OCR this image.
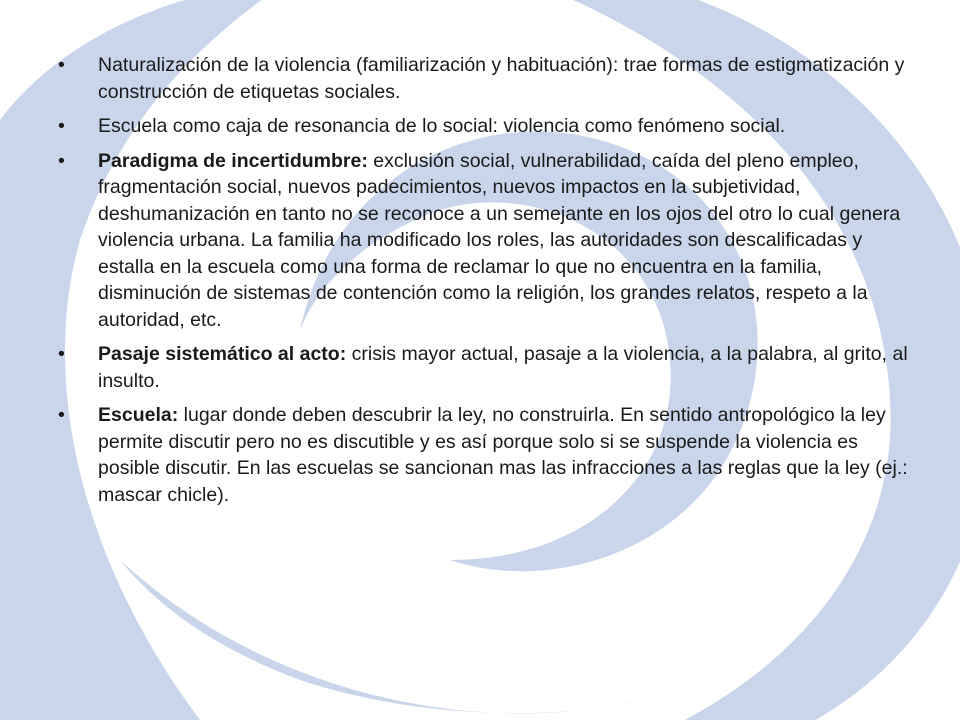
•	Naturalización de la violencia (familiarización y habituación): trae formas de estigmatización y construcción de etiquetas sociales.
•	Escuela como caja de resonancia de lo social: violencia como fenómeno social.
•	Paradigma de incertidumbre: exclusión social, vulnerabilidad, caída del pleno empleo, fragmentación social, nuevos padecimientos, nuevos impactos en la subjetividad, deshumanización en tanto no se reconoce a un semejante en los ojos del otro lo cual genera violencia urbana. La familia ha modificado los roles, las autoridades son descalificadas y estalla en la escuela como una forma de reclamar lo que no encuentra en la familia, disminución de sistemas de contención como la religión, los grandes relatos, respeto a la autoridad, etc.
•	Pasaje sistemático al acto: crisis mayor actual, pasaje a la violencia, a la palabra, al grito, al insulto.
•	Escuela: lugar donde deben descubrir la ley, no construirla. En sentido antropológico la ley permite discutir pero no es discutible y es así porque solo si se suspende la violencia es posible discutir. En las escuelas se sancionan mas las infracciones a las reglas que la ley (ej.: mascar chicle).
